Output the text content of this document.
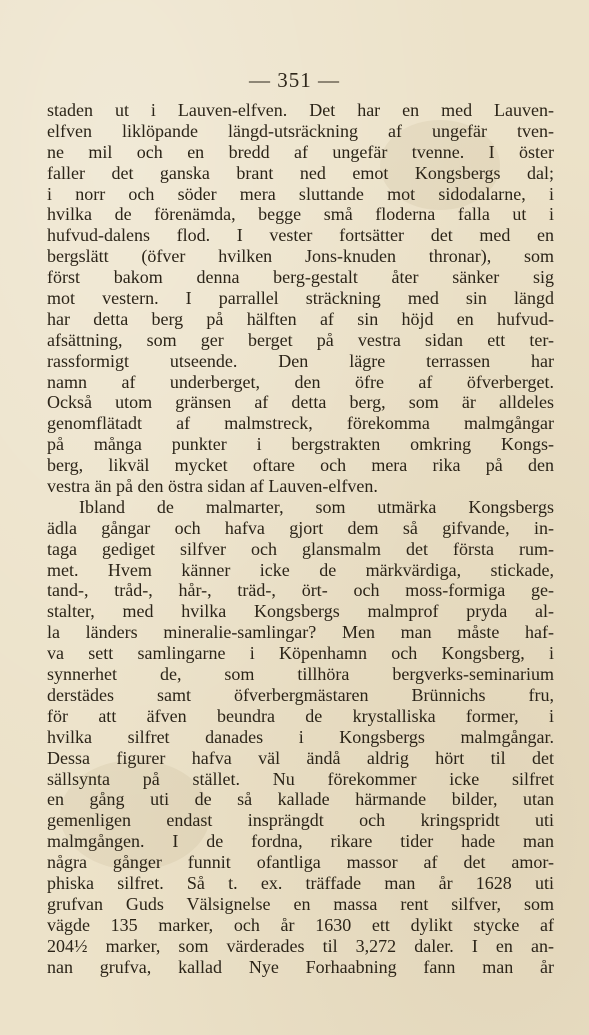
— 351 —
staden ut i Lauven-elfven. Det har en med Lauven-
elfven liklöpande längd-utsräckning af ungefär tven-
ne mil och en bredd af ungefär tvenne. I öster
faller det ganska brant ned emot Kongsbergs dal;
i norr och söder mera sluttande mot sidodalarne, i
hvilka de förenämda, begge små floderna falla ut i
hufvud-dalens flod. I vester fortsätter det med en
bergslätt (öfver hvilken Jons-knuden thronar), som
först bakom denna berg-gestalt åter sänker sig
mot vestern. I parrallel sträckning med sin längd
har detta berg på hälften af sin höjd en hufvud-
afsättning, som ger berget på vestra sidan ett ter-
rassformigt utseende. Den lägre terrassen har
namn af underberget, den öfre af öfverberget.
Också utom gränsen af detta berg, som är alldeles
genomflätadt af malmstreck, förekomma malmgångar
på många punkter i bergstrakten omkring Kongs-
berg, likväl mycket oftare och mera rika på den
vestra än på den östra sidan af Lauven-elfven.
Ibland de malmarter, som utmärka Kongsbergs
ädla gångar och hafva gjort dem så gifvande, in-
taga gediget silfver och glansmalm det första rum-
met. Hvem känner icke de märkvärdiga, stickade,
tand-, tråd-, hår-, träd-, ört- och moss-formiga ge-
stalter, med hvilka Kongsbergs malmprof pryda al-
la länders mineralie-samlingar? Men man måste haf-
va sett samlingarne i Köpenhamn och Kongsberg, i
synnerhet de, som tillhöra bergverks-seminarium
derstädes samt öfverbergmästaren Brünnichs fru,
för att äfven beundra de krystalliska former, i
hvilka silfret danades i Kongsbergs malmgångar.
Dessa figurer hafva väl ändå aldrig hört til det
sällsynta på stället. Nu förekommer icke silfret
en gång uti de så kallade härmande bilder, utan
gemenligen endast insprängdt och kringspridt uti
malmgången. I de fordna, rikare tider hade man
några gånger funnit ofantliga massor af det amor-
phiska silfret. Så t. ex. träffade man år 1628 uti
grufvan Guds Välsignelse en massa rent silfver, som
vägde 135 marker, och år 1630 ett dylikt stycke af
204½ marker, som värderades til 3,272 daler. I en an-
nan grufva, kallad Nye Forhaabning fann man år
